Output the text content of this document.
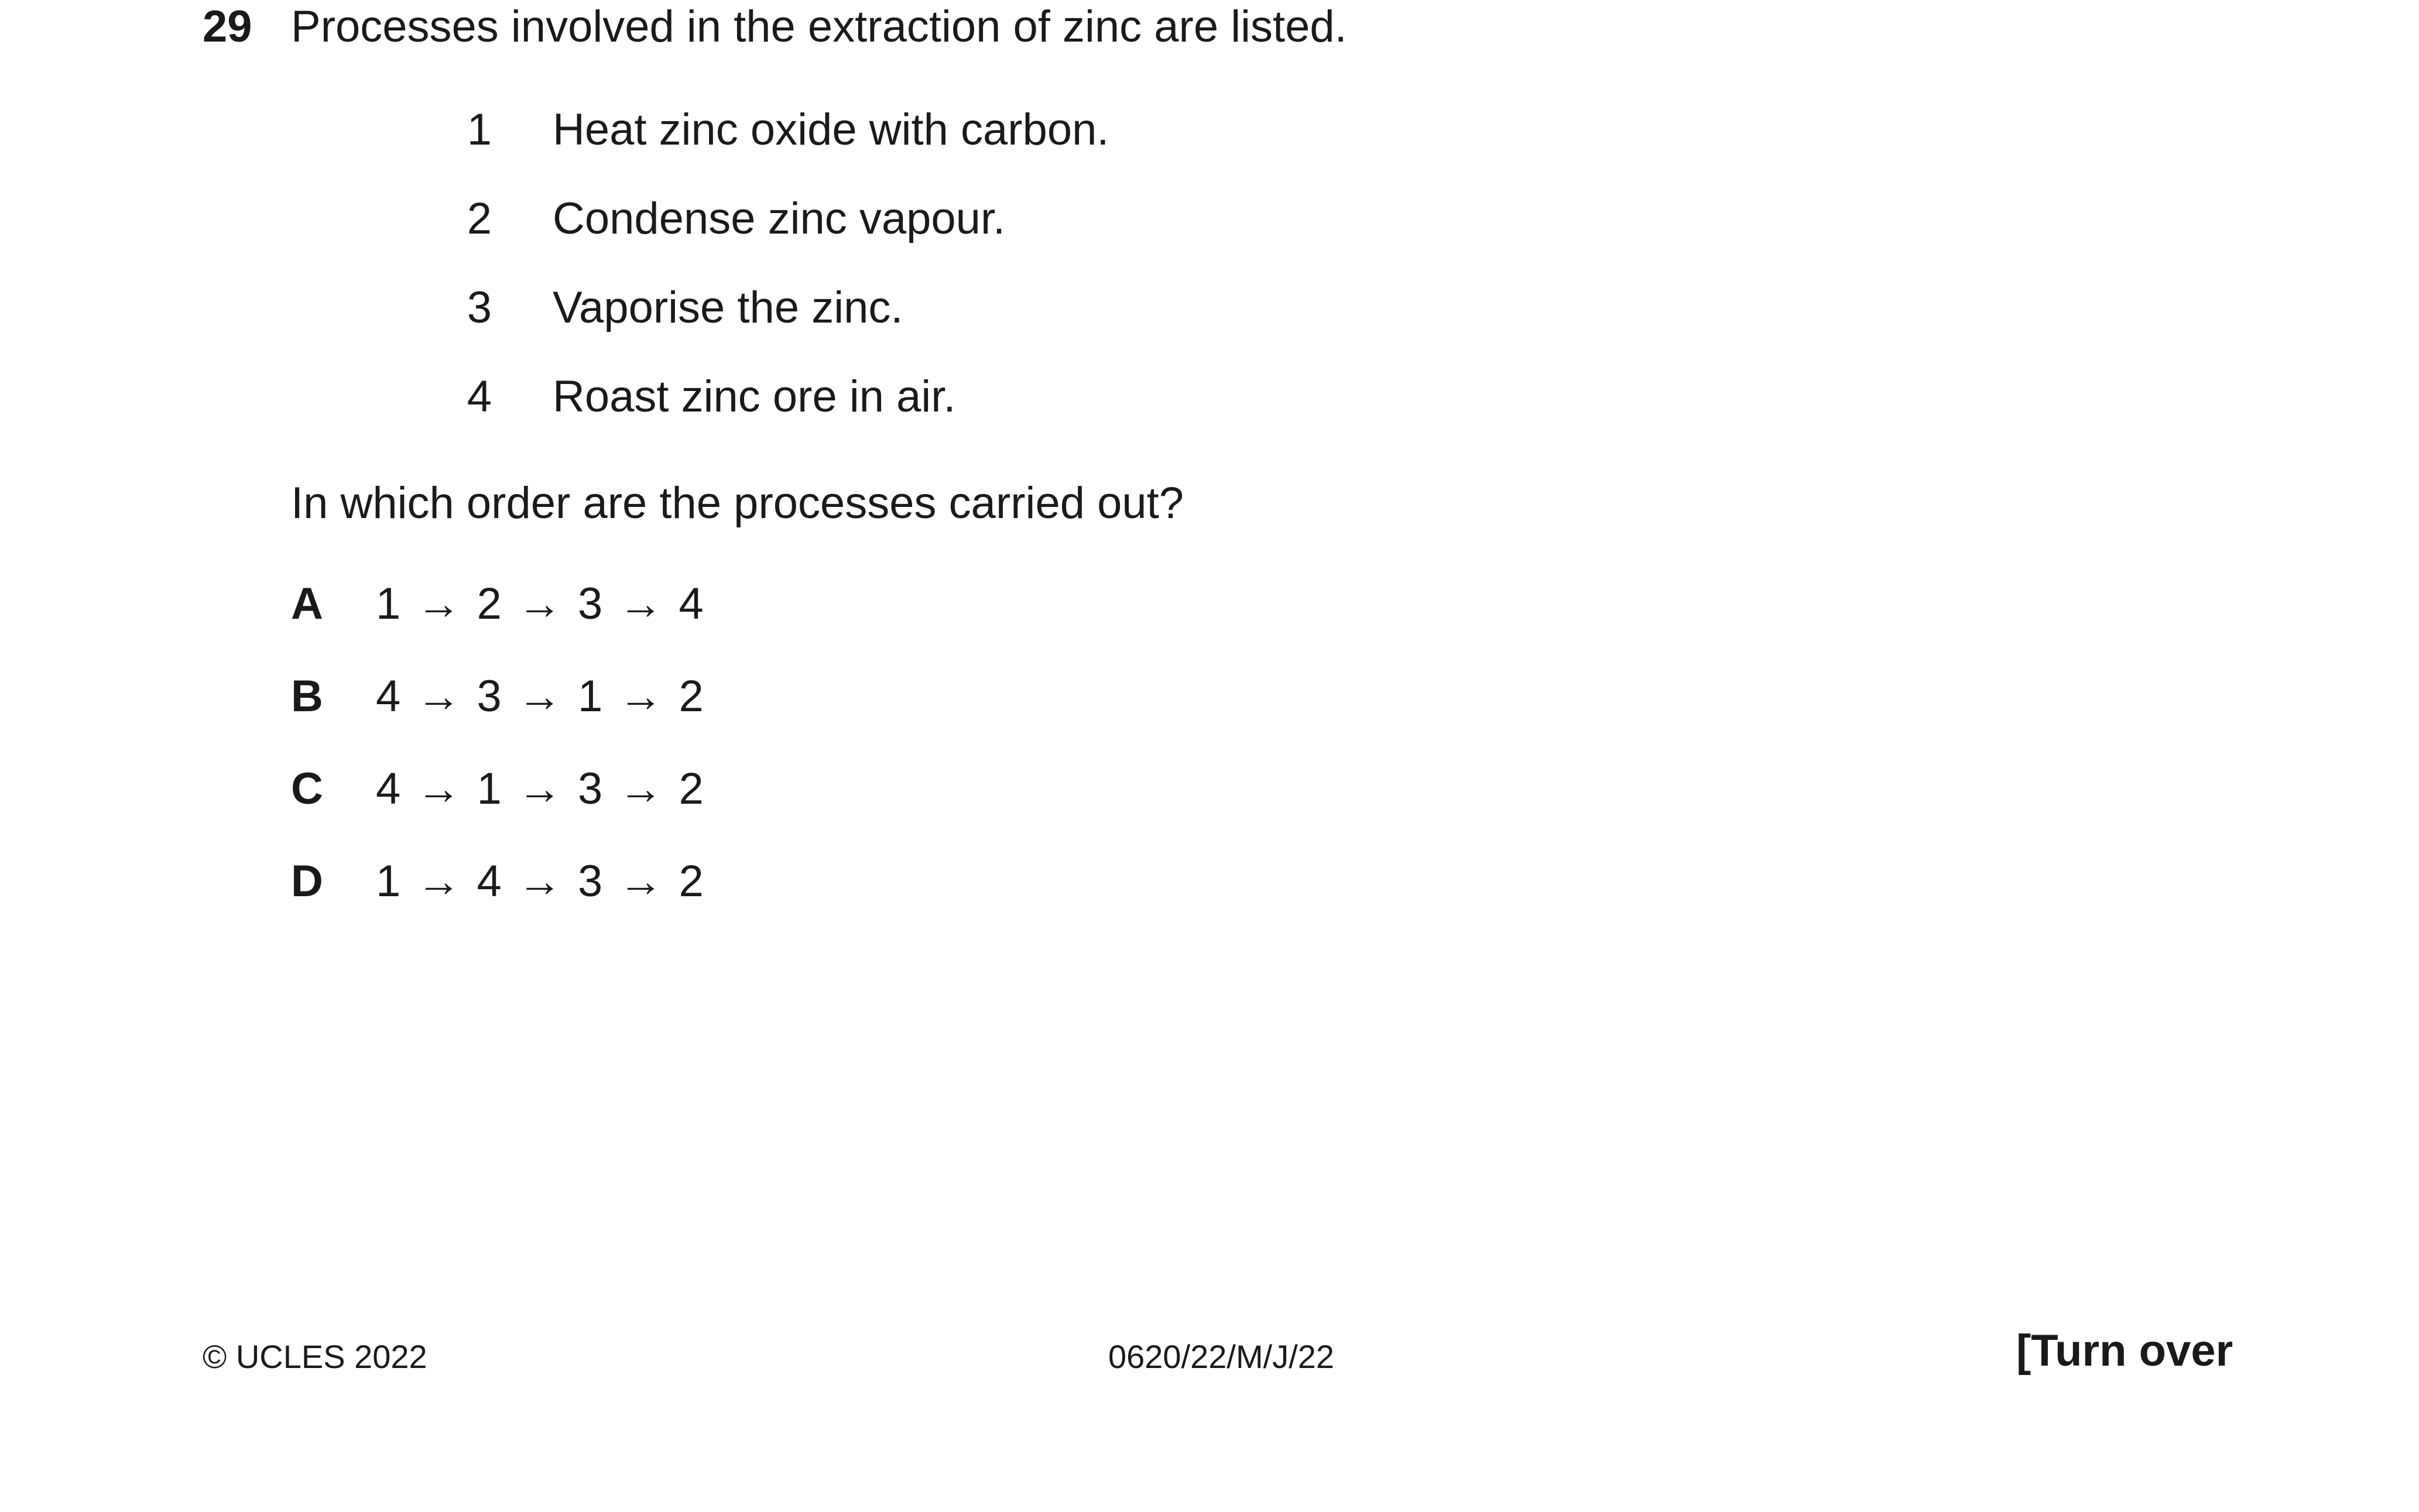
29 Processes involved in the extraction of zinc are listed.
1 Heat zinc oxide with carbon.
2 Condense zinc vapour.
3 Vaporise the zinc.
4 Roast zinc ore in air.
In which order are the processes carried out?
A 1 → 2 → 3 → 4
B 4 → 3 → 1 → 2
C 4 → 1 → 3 → 2
D 1 → 4 → 3 → 2
© UCLES 2022	0620/22/M/J/22	[Turn over
